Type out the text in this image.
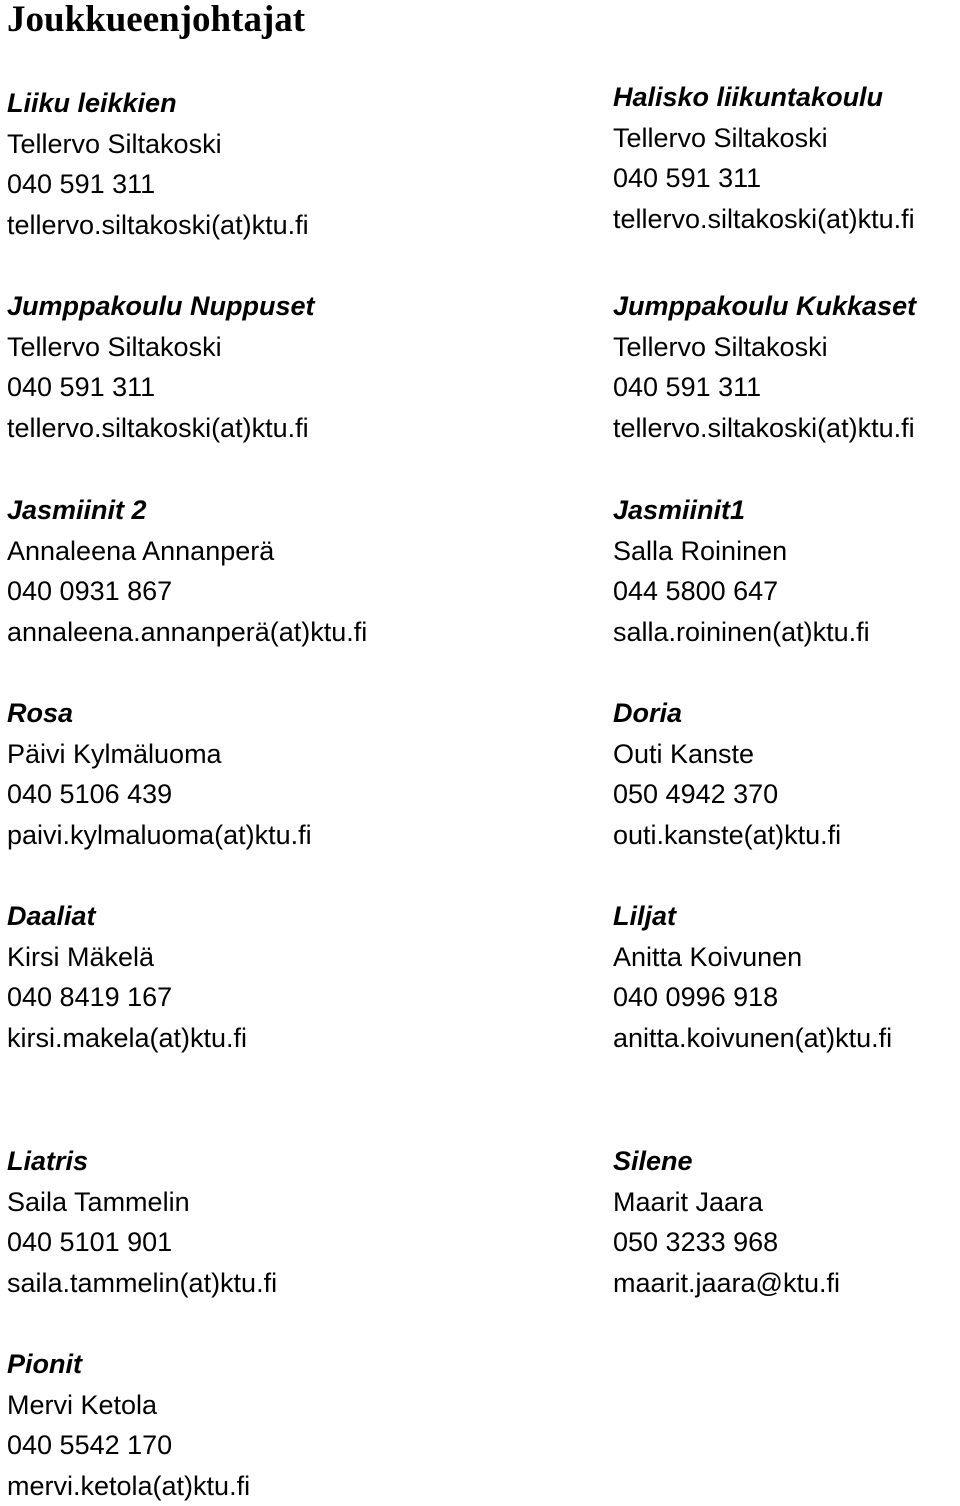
Joukkueenjohtajat
Liiku leikkien
Tellervo Siltakoski
040 591 311
tellervo.siltakoski(at)ktu.fi
Halisko liikuntakoulu
Tellervo Siltakoski
040 591 311
tellervo.siltakoski(at)ktu.fi
Jumppakoulu Nuppuset
Tellervo Siltakoski
040 591 311
tellervo.siltakoski(at)ktu.fi
Jumppakoulu Kukkaset
Tellervo Siltakoski
040 591 311
tellervo.siltakoski(at)ktu.fi
Jasmiinit 2
Annaleena Annanperä
040 0931 867
annaleena.annanperä(at)ktu.fi
Jasmiinit1
Salla Roininen
044 5800 647
salla.roininen(at)ktu.fi
Rosa
Päivi Kylmäluoma
040 5106 439
paivi.kylmaluoma(at)ktu.fi
Doria
Outi Kanste
050 4942 370
outi.kanste(at)ktu.fi
Daaliat
Kirsi Mäkelä
040 8419 167
kirsi.makela(at)ktu.fi
Liljat
Anitta Koivunen
040 0996 918
anitta.koivunen(at)ktu.fi
Liatris
Saila Tammelin
040 5101 901
saila.tammelin(at)ktu.fi
Silene
Maarit Jaara
050 3233 968
maarit.jaara@ktu.fi
Pionit
Mervi Ketola
040 5542 170
mervi.ketola(at)ktu.fi
